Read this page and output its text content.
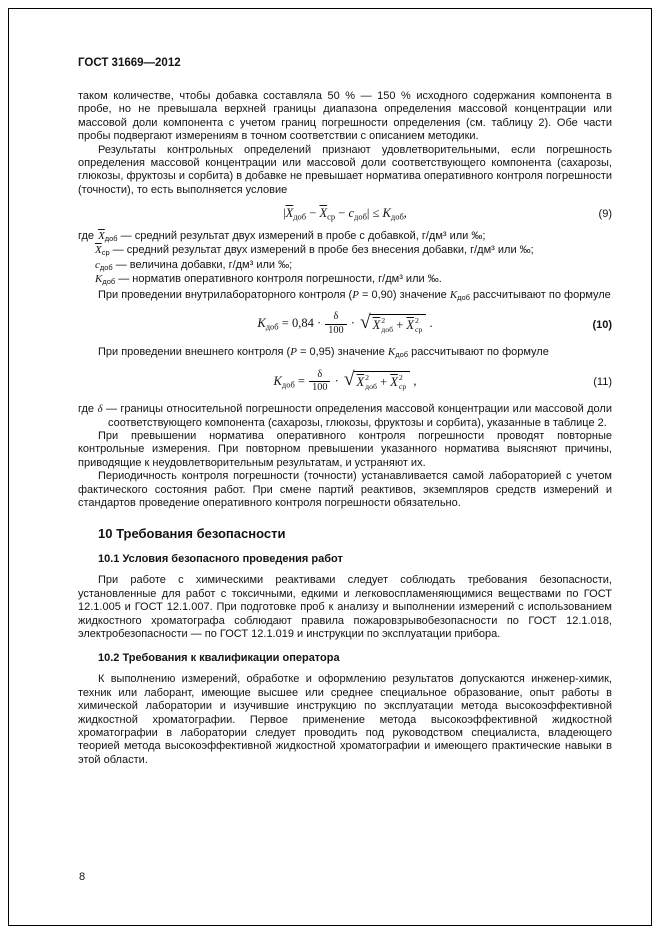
ГОСТ 31669—2012

таком количестве, чтобы добавка составляла 50 % — 150 % исходного содержания компонента в пробе, но не превышала верхней границы диапазона определения массовой концентрации или массовой доли компонента с учетом границ погрешности определения (см. таблицу 2). Обе части пробы подвергают измерениям в точном соответствии с описанием методики.

Результаты контрольных определений признают удовлетворительными, если погрешность определения массовой концентрации или массовой доли соответствующего компонента (сахарозы, глюкозы, фруктозы и сорбита) в добавке не превышает норматива оперативного контроля погрешности (точности), то есть выполняется условие

$|\overline{X}_{доб} - \overline{X}_{ср} - c_{доб}| \le K_{доб}$,	(9)
где $\overline{X}_{доб}$ — средний результат двух измерений в пробе с добавкой, г/дм³ или ‰;
$\overline{X}_{ср}$ — средний результат двух измерений в пробе без внесения добавки, г/дм³ или ‰;
$c_{доб}$ — величина добавки, г/дм³ или ‰;
$K_{доб}$ — норматив оперативного контроля погрешности, г/дм³ или ‰.

При проведении внутрилабораторного контроля (P = 0,90) значение $K_{доб}$ рассчитывают по формуле

$K_{доб} = 0,84 \cdot \frac{\delta}{100}$ · √ X 2
доб + $\overline{X}$ 2
ср .	(10)

При проведении внешнего контроля (P = 0,95) значение $K_{доб}$ рассчитывают по формуле

$K_{доб} = \frac{\delta}{100}$ · √ X 2
доб + $\overline{X}$ 2
ср ,	(11)

где δ — границы относительной погрешности определения массовой концентрации или массовой доли соответствующего компонента (сахарозы, глюкозы, фруктозы и сорбита), указанные в таблице 2.

При превышении норматива оперативного контроля погрешности проводят повторные контрольные измерения. При повторном превышении указанного норматива выясняют причины, приводящие к неудовлетворительным результатам, и устраняют их.

Периодичность контроля погрешности (точности) устанавливается самой лабораторией с учетом фактического состояния работ. При смене партий реактивов, экземпляров средств измерений и стандартов проведение оперативного контроля погрешности обязательно.

10 Требования безопасности
10.1 Условия безопасного проведения работ

При работе с химическими реактивами следует соблюдать требования безопасности, установленные для работ с токсичными, едкими и легковоспламеняющимися веществами по ГОСТ 12.1.005 и ГОСТ 12.1.007. При подготовке проб к анализу и выполнении измерений с использованием жидкостного хроматографа соблюдают правила пожаровзрывобезопасности по ГОСТ 12.1.018, электробезопасности — по ГОСТ 12.1.019 и инструкции по эксплуатации прибора.

10.2 Требования к квалификации оператора

К выполнению измерений, обработке и оформлению результатов допускаются инженер-химик, техник или лаборант, имеющие высшее или среднее специальное образование, опыт работы в химической лаборатории и изучившие инструкцию по эксплуатации метода высокоэффективной жидкостной хроматографии. Первое применение метода высокоэффективной жидкостной хроматографии в лаборатории следует проводить под руководством специалиста, владеющего теорией метода высокоэффективной жидкостной хроматографии и имеющего практические навыки в этой области.

8
